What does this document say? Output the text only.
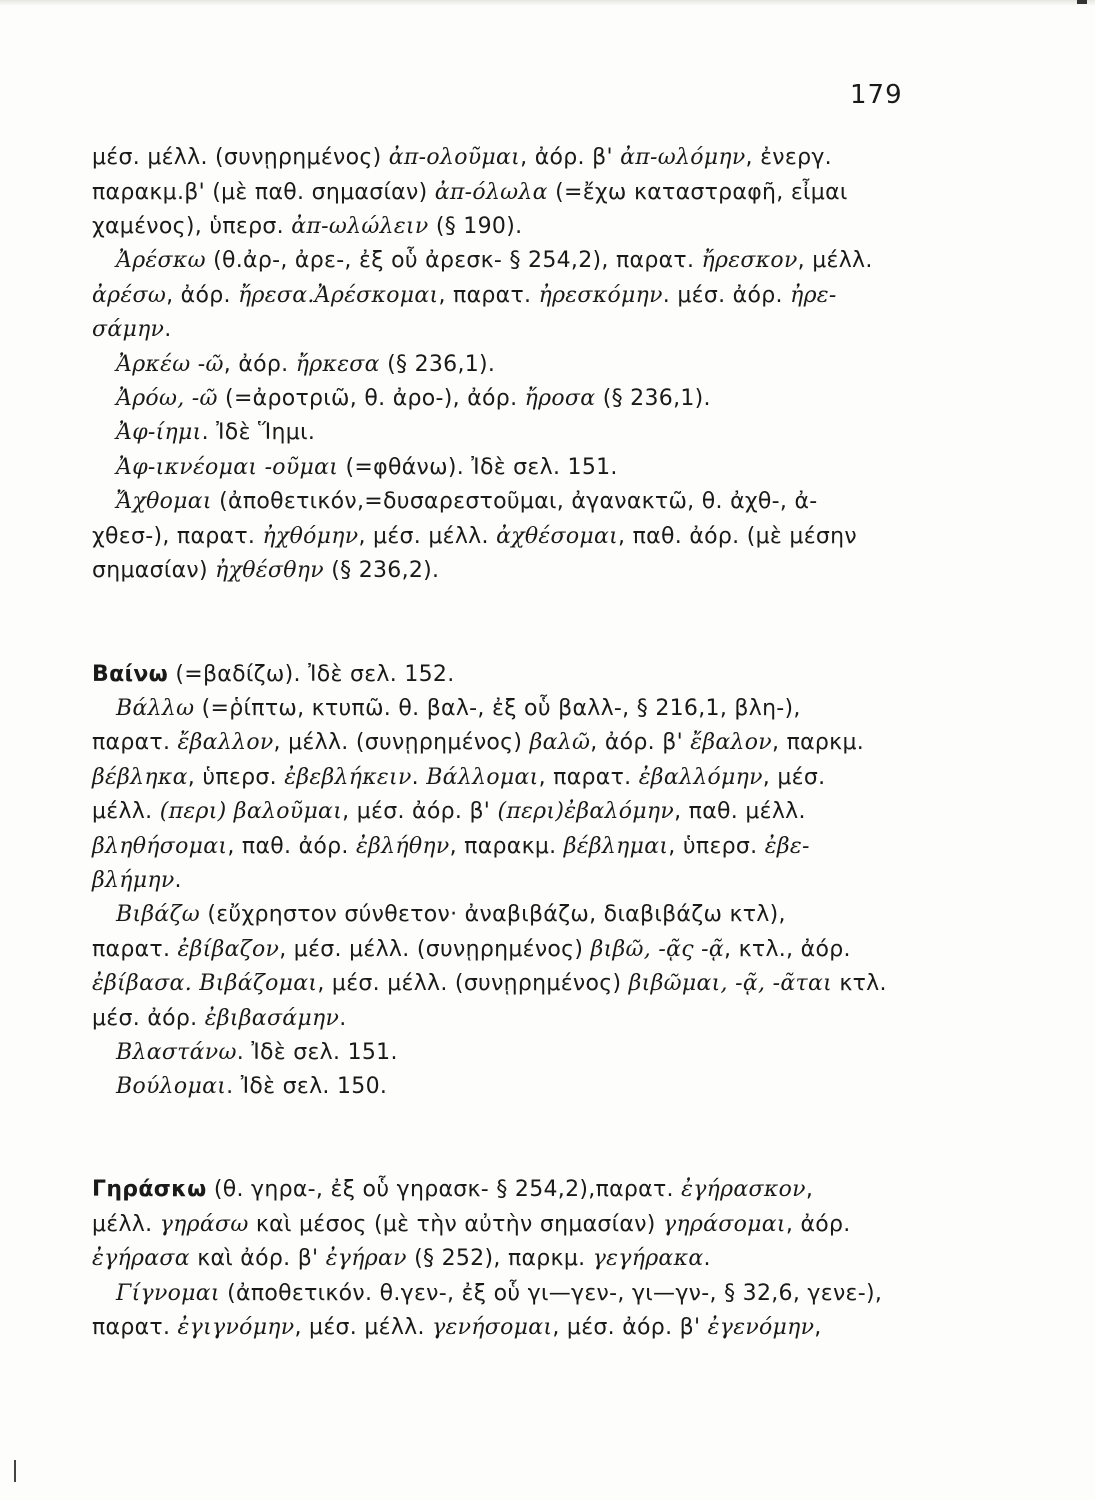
179
μέσ. μέλλ. (συνῃρημένος) ἀπ-ολοῦμαι, ἀόρ. β' ἀπ-ωλόμην, ἐνεργ.
παρακμ.β' (μὲ παθ. σημασίαν) ἀπ-όλωλα (=ἔχω καταστραφῆ, εἶμαι
χαμένος), ὑπερσ. ἀπ-ωλώλειν (§ 190).
Ἀρέσκω (θ.ἀρ-, ἀρε-, ἐξ οὗ ἀρεσκ- § 254,2), παρατ. ἤρεσκον, μέλλ.
ἀρέσω, ἀόρ. ἤρεσα.Ἀρέσκομαι, παρατ. ἠρεσκόμην. μέσ. ἀόρ. ἠρε-
σάμην.
Ἀρκέω -ῶ, ἀόρ. ἤρκεσα (§ 236,1).
Ἀρόω, -ῶ (=ἀροτριῶ, θ. ἀρο-), ἀόρ. ἤροσα (§ 236,1).
Ἀφ-ίημι. Ἰδὲ Ἵημι.
Ἀφ-ικνέομαι -οῦμαι (=φθάνω). Ἰδὲ σελ. 151.
Ἄχθομαι (ἀποθετικόν,=δυσαρεστοῦμαι, ἀγανακτῶ, θ. ἀχθ-, ἀ-
χθεσ-), παρατ. ἠχθόμην, μέσ. μέλλ. ἀχθέσομαι, παθ. ἀόρ. (μὲ μέσην
σημασίαν) ἠχθέσθην (§ 236,2).
Βαίνω (=βαδίζω). Ἰδὲ σελ. 152.
Βάλλω (=ῥίπτω, κτυπῶ. θ. βαλ-, ἐξ οὗ βαλλ-, § 216,1, βλη-),
παρατ. ἔβαλλον, μέλλ. (συνῃρημένος) βαλῶ, ἀόρ. β' ἔβαλον, παρκμ.
βέβληκα, ὑπερσ. ἐβεβλήκειν. Βάλλομαι, παρατ. ἐβαλλόμην, μέσ.
μέλλ. (περι) βαλοῦμαι, μέσ. ἀόρ. β' (περι)ἐβαλόμην, παθ. μέλλ.
βληθήσομαι, παθ. ἀόρ. ἐβλήθην, παρακμ. βέβλημαι, ὑπερσ. ἐβε-
βλήμην.
Βιβάζω (εὔχρηστον σύνθετον· ἀναβιβάζω, διαβιβάζω κτλ),
παρατ. ἐβίβαζον, μέσ. μέλλ. (συνῃρημένος) βιβῶ, -ᾷς -ᾷ, κτλ., ἀόρ.
ἐβίβασα. Βιβάζομαι, μέσ. μέλλ. (συνῃρημένος) βιβῶμαι, -ᾷ, -ᾶται κτλ.
μέσ. ἀόρ. ἐβιβασάμην.
Βλαστάνω. Ἰδὲ σελ. 151.
Βούλομαι. Ἰδὲ σελ. 150.
Γηράσκω (θ. γηρα-, ἐξ οὗ γηρασκ- § 254,2),παρατ. ἐγήρασκον,
μέλλ. γηράσω καὶ μέσος (μὲ τὴν αὐτὴν σημασίαν) γηράσομαι, ἀόρ.
ἐγήρασα καὶ ἀόρ. β' ἐγήραν (§ 252), παρκμ. γεγήρακα.
Γίγνομαι (ἀποθετικόν. θ.γεν-, ἐξ οὗ γι—γεν-, γι—γν-, § 32,6, γενε-),
παρατ. ἐγιγνόμην, μέσ. μέλλ. γενήσομαι, μέσ. ἀόρ. β' ἐγενόμην,
